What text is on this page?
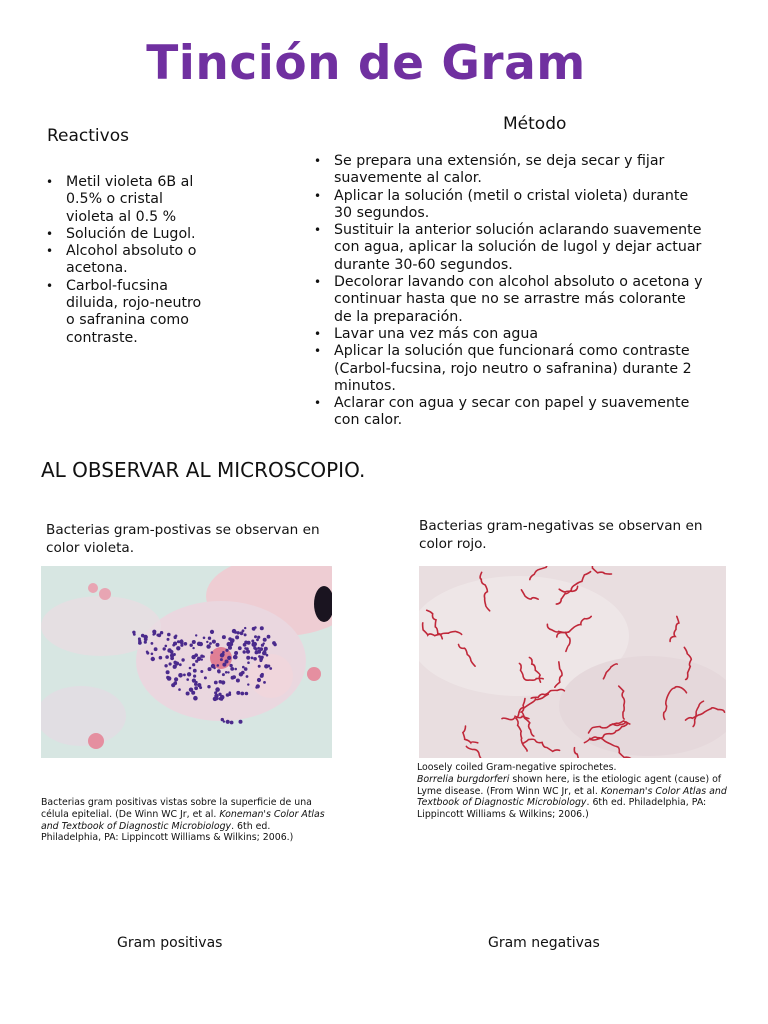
Tinción de Gram
Reactivos
• Metil violeta 6B al 0.5% o cristal violeta al 0.5 %
• Solución de Lugol.
• Alcohol absoluto o acetona.
• Carbol-fucsina diluida, rojo-neutro o safranina como contraste.
Método
• Se prepara una extensión, se deja secar y fijar suavemente al calor.
• Aplicar la solución (metil o cristal violeta) durante 30 segundos.
• Sustituir la anterior solución aclarando suavemente con agua, aplicar la solución de lugol y dejar actuar durante 30-60 segundos.
• Decolorar lavando con alcohol absoluto o acetona y continuar hasta que no se arrastre más colorante de la preparación.
• Lavar una vez más con agua
• Aplicar la solución que funcionará como contraste (Carbol-fucsina, rojo neutro o safranina) durante 2 minutos.
• Aclarar con agua y secar con papel y suavemente con calor.
AL OBSERVAR AL MICROSCOPIO.
Bacterias gram-postivas se observan en color violeta.
Bacterias gram positivas vistas sobre la superficie de una célula epitelial. (De Winn WC Jr, et al. Koneman's Color Atlas and Textbook of Diagnostic Microbiology. 6th ed. Philadelphia, PA: Lippincott Williams & Wilkins; 2006.)
Gram positivas
Bacterias gram-negativas se observan en color rojo.
Loosely coiled Gram-negative spirochetes.
Borrelia burgdorferi shown here, is the etiologic agent (cause) of Lyme disease. (From Winn WC Jr, et al. Koneman's Color Atlas and Textbook of Diagnostic Microbiology. 6th ed. Philadelphia, PA: Lippincott Williams & Wilkins; 2006.)
Gram negativas
